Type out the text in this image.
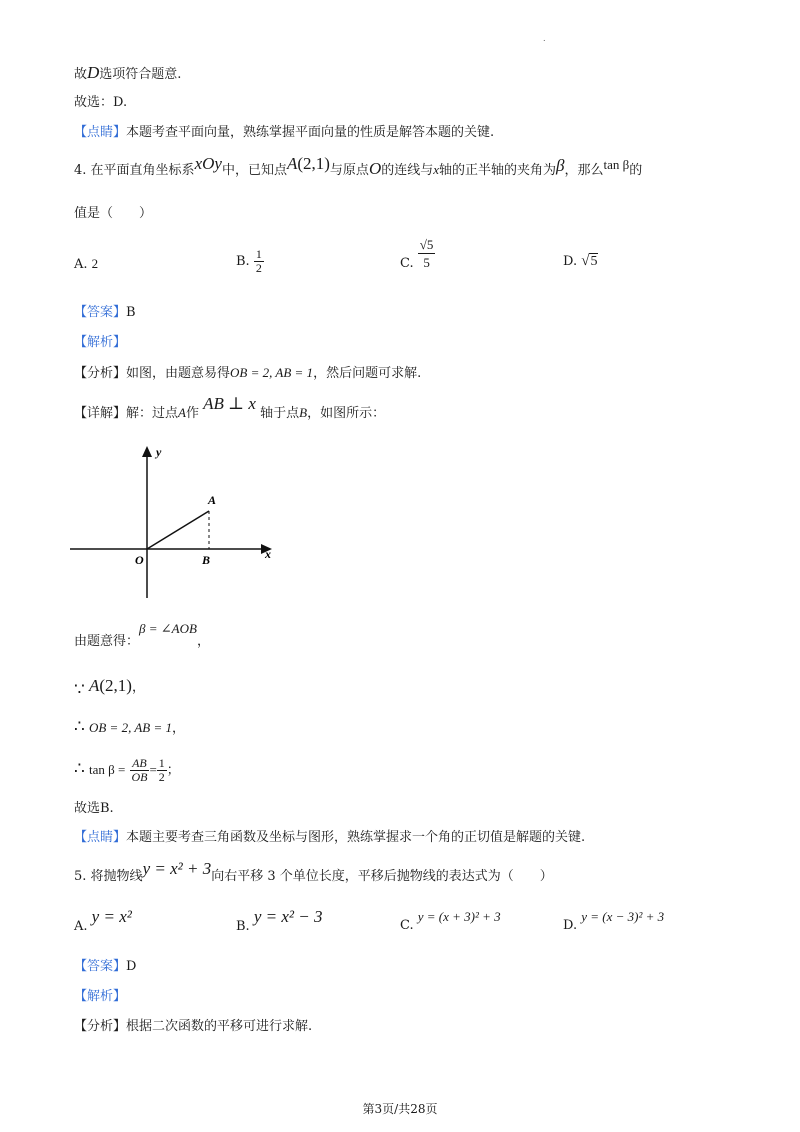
.
故D选项符合题意.
故选：D.
【点睛】本题考查平面向量，熟练掌握平面向量的性质是解答本题的关键.
4. 在平面直角坐标系xOy中，已知点A(2,1)与原点O的连线与x轴的正半轴的夹角为β，那么tan β的
值是（　　）
A. 2	B. $\frac{1}{2}$	C. $\frac{√5}{5}$	D. √5
【答案】B
【解析】
【分析】如图，由题意易得OB = 2, AB = 1，然后问题可求解.
【详解】解：过点A作 AB ⊥ x 轴于点B，如图所示：
y
x
O
A
B
由题意得：β = ∠AOB，
∵ A(2,1)，
∴ OB = 2, AB = 1，
∴ $\tan \beta = \frac{AB}{OB} = \frac{1}{2}$ ；
故选B.
【点睛】本题主要考查三角函数及坐标与图形，熟练掌握求一个角的正切值是解题的关键.
5. 将抛物线y = x² + 3向右平移 3 个单位长度，平移后抛物线的表达式为（　　）
A. y = x²
B. y = x² − 3	C. y = (x + 3)² + 3
D. y = (x − 3)² + 3
【答案】D
【解析】
【分析】根据二次函数的平移可进行求解.
第3页/共28页
